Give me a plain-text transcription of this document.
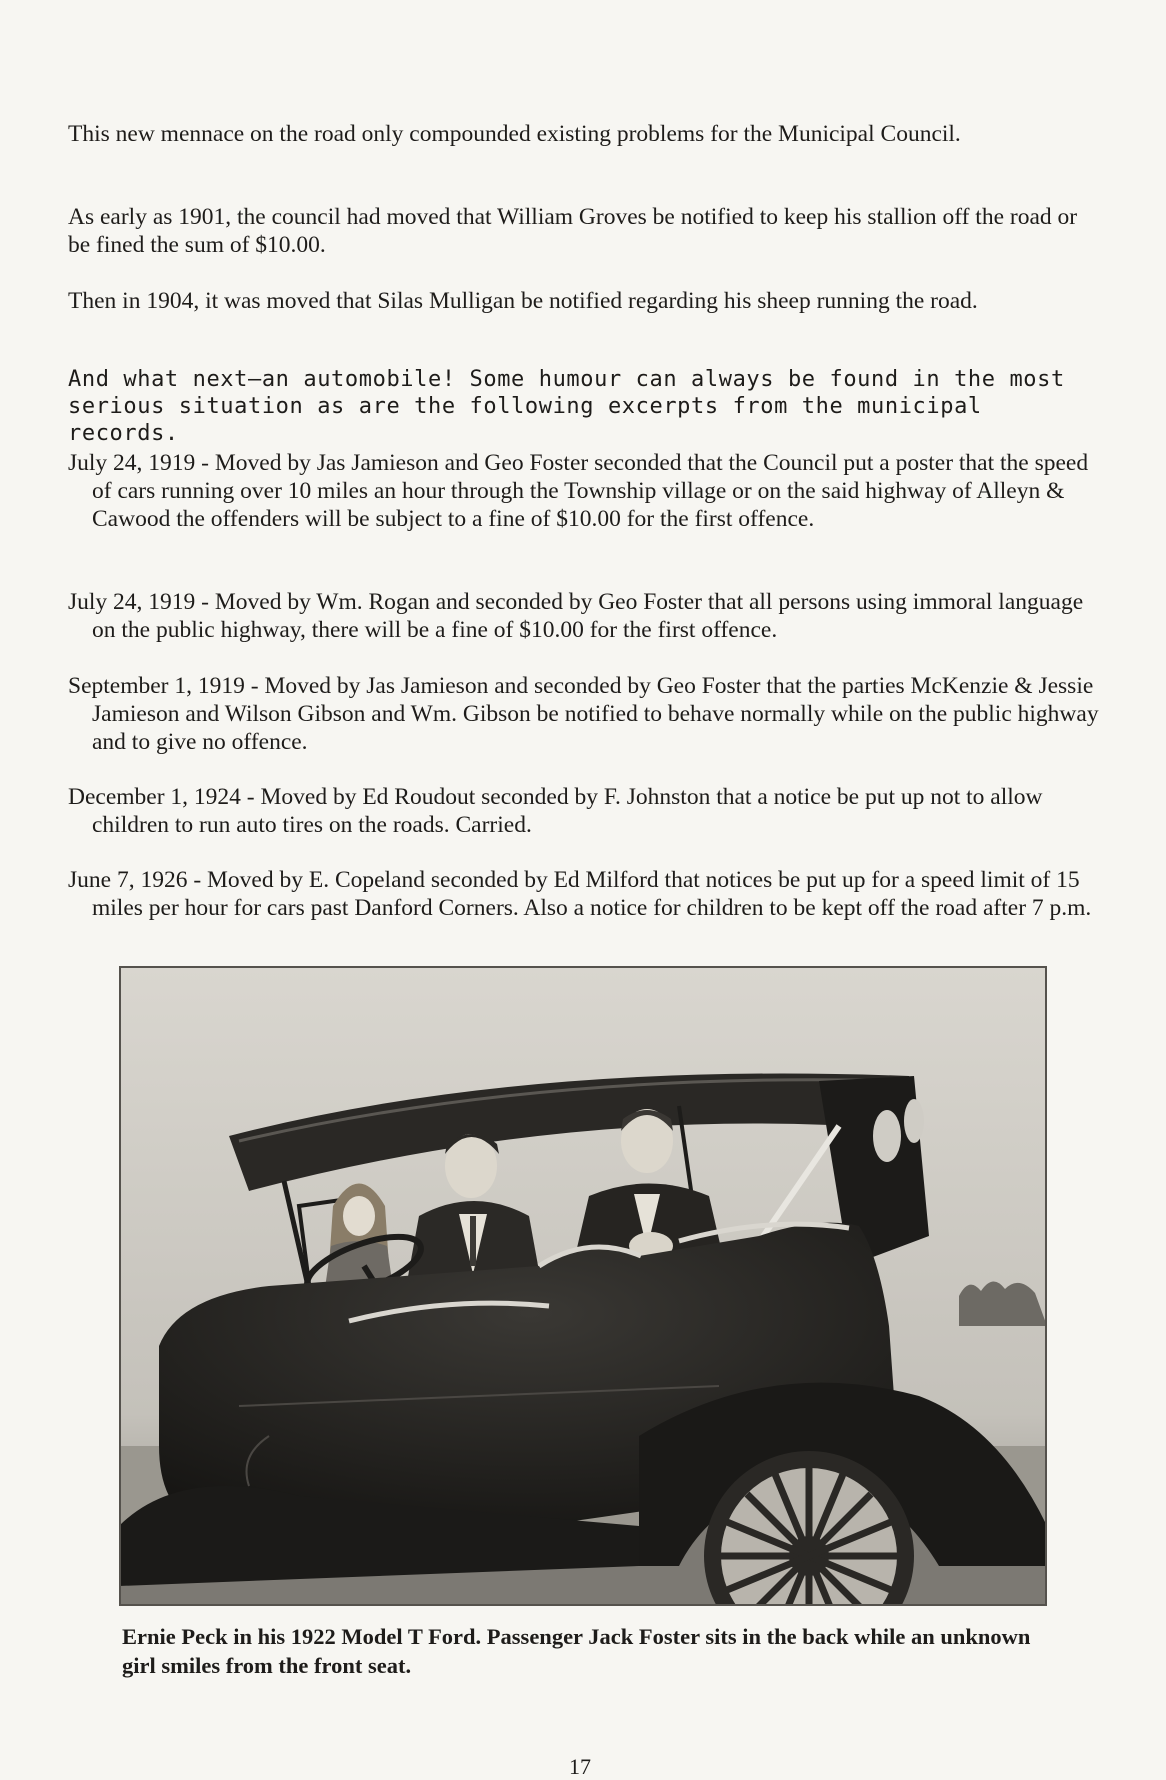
This new mennace on the road only compounded existing problems for the Municipal Council.

As early as 1901, the council had moved that William Groves be notified to keep his stallion off the road or be fined the sum of $10.00.

Then in 1904, it was moved that Silas Mulligan be notified regarding his sheep running the road.

And what next—an automobile! Some humour can always be found in the most serious situation as are the following excerpts from the municipal records.

July 24, 1919 - Moved by Jas Jamieson and Geo Foster seconded that the Council put a poster that the speed of cars running over 10 miles an hour through the Township village or on the said highway of Alleyn & Cawood the offenders will be subject to a fine of $10.00 for the first offence.

July 24, 1919 - Moved by Wm. Rogan and seconded by Geo Foster that all persons using immoral language on the public highway, there will be a fine of $10.00 for the first offence.

September 1, 1919 - Moved by Jas Jamieson and seconded by Geo Foster that the parties McKenzie & Jessie Jamieson and Wilson Gibson and Wm. Gibson be notified to behave normally while on the public highway and to give no offence.

December 1, 1924 - Moved by Ed Roudout seconded by F. Johnston that a notice be put up not to allow children to run auto tires on the roads. Carried.

June 7, 1926 - Moved by E. Copeland seconded by Ed Milford that notices be put up for a speed limit of 15 miles per hour for cars past Danford Corners. Also a notice for children to be kept off the road after 7 p.m.

Ernie Peck in his 1922 Model T Ford. Passenger Jack Foster sits in the back while an unknown girl smiles from the front seat.

17
